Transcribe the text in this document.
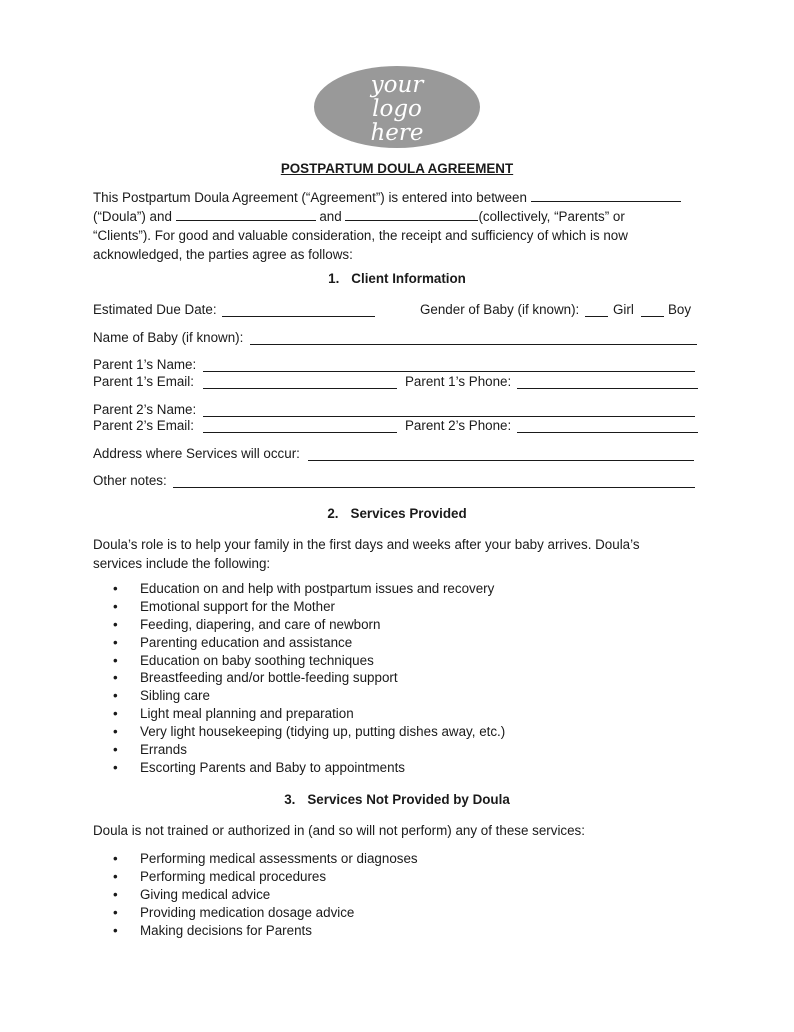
your
logo
here
POSTPARTUM DOULA AGREEMENT
This Postpartum Doula Agreement (“Agreement”) is entered into between
(“Doula”) and	and	(collectively, “Parents” or
“Clients”). For good and valuable consideration, the receipt and sufficiency of which is now
acknowledged, the parties agree as follows:
1. Client Information
Estimated Due Date:	Gender of Baby (if known):	Girl	Boy
Name of Baby (if known):
Parent 1’s Name:
Parent 1’s Email:	Parent 1’s Phone:
Parent 2’s Name:
Parent 2’s Email:	Parent 2’s Phone:
Address where Services will occur:
Other notes:
2. Services Provided
Doula’s role is to help your family in the first days and weeks after your baby arrives. Doula’s
services include the following:
• Education on and help with postpartum issues and recovery
• Emotional support for the Mother
• Feeding, diapering, and care of newborn
• Parenting education and assistance
• Education on baby soothing techniques
• Breastfeeding and/or bottle-feeding support
• Sibling care
• Light meal planning and preparation
• Very light housekeeping (tidying up, putting dishes away, etc.)
• Errands
• Escorting Parents and Baby to appointments
3. Services Not Provided by Doula
Doula is not trained or authorized in (and so will not perform) any of these services:
• Performing medical assessments or diagnoses
• Performing medical procedures
• Giving medical advice
• Providing medication dosage advice
• Making decisions for Parents
